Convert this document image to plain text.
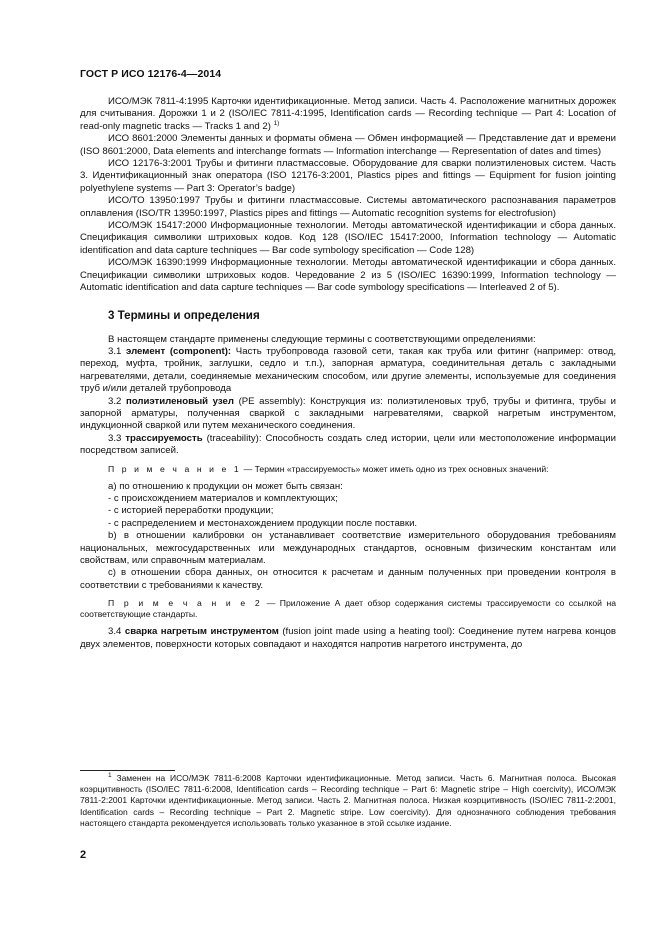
ГОСТ Р ИСО 12176-4—2014

ИСО/МЭК 7811-4:1995 Карточки идентификационные. Метод записи. Часть 4. Расположение магнитных дорожек для считывания. Дорожки 1 и 2 (ISO/IEC 7811-4:1995, Identification cards — Recording technique — Part 4: Location of read-only magnetic tracks — Tracks 1 and 2) $^{1)}$

ИСО 8601:2000 Элементы данных и форматы обмена — Обмен информацией — Представление дат и времени (ISO 8601:2000, Data elements and interchange formats — Information interchange — Representation of dates and times)

ИСО 12176-3:2001 Трубы и фитинги пластмассовые. Оборудование для сварки полиэтиленовых систем. Часть 3. Идентификационный знак оператора (ISO 12176-3:2001, Plastics pipes and fittings — Equipment for fusion jointing polyethylene systems — Part 3: Operator’s badge)

ИСО/ТО 13950:1997 Трубы и фитинги пластмассовые. Системы автоматического распознавания параметров оплавления (ISO/TR 13950:1997, Plastics pipes and fittings — Automatic recognition systems for electrofusion)

ИСО/МЭК 15417:2000 Информационные технологии. Методы автоматической идентификации и сбора данных. Спецификация символики штриховых кодов. Код 128 (ISO/IEC 15417:2000, Information technology — Automatic identification and data capture techniques — Bar code symbology specification — Code 128)

ИСО/МЭК 16390:1999 Информационные технологии. Методы автоматической идентификации и сбора данных. Спецификации символики штриховых кодов. Чередование 2 из 5 (ISO/IEC 16390:1999, Information technology — Automatic identification and data capture techniques — Bar code symbology specifications — Interleaved 2 of 5).

3 Термины и определения

В настоящем стандарте применены следующие термины с соответствующими определениями:

3.1 элемент (component): Часть трубопровода газовой сети, такая как труба или фитинг (например: отвод, переход, муфта, тройник, заглушки, седло и т.п.), запорная арматура, соединительная деталь с закладными нагревателями, детали, соединяемые механическим способом, или другие элементы, используемые для соединения труб и/или деталей трубопровода

3.2 полиэтиленовый узел (PE assembly): Конструкция из: полиэтиленовых труб, трубы и фитинга, трубы и запорной арматуры, полученная сваркой с закладными нагревателями, сваркой нагретым инструментом, индукционной сваркой или путем механического соединения.

3.3 трассируемость (traceability): Способность создать след истории, цели или местоположение информации посредством записей.

П р и м е ч а н и е 1 — Термин «трассируемость» может иметь одно из трех основных значений:

а) по отношению к продукции он может быть связан:

- с происхождением материалов и комплектующих;

- с историей переработки продукции;

- с распределением и местонахождением продукции после поставки.

b) в отношении калибровки он устанавливает соответствие измерительного оборудования требованиям национальных, межгосударственных или международных стандартов, основным физическим константам или свойствам, или справочным материалам.

с) в отношении сбора данных, он относится к расчетам и данным полученных при проведении контроля в соответствии с требованиями к качеству.

П р и м е ч а н и е 2 — Приложение А дает обзор содержания системы трассируемости со ссылкой на соответствующие стандарты.

3.4 сварка нагретым инструментом (fusion joint made using a heating tool): Соединение путем нагрева концов двух элементов, поверхности которых совпадают и находятся напротив нагретого инструмента, до

$^1$ Заменен на ИСО/МЭК 7811-6:2008 Карточки идентификационные. Метод записи. Часть 6. Магнитная полоса. Высокая коэрцитивность (ISO/IEC 7811-6:2008, Identification cards – Recording technique – Part 6: Magnetic stripe – High coercivity), ИСО/МЭК 7811-2:2001 Карточки идентификационные. Метод записи. Часть 2. Магнитная полоса. Низкая коэрцитивность (ISO/IEC 7811-2:2001, Identification cards – Recording technique – Part 2. Magnetic stripe. Low coercivity). Для однозначного соблюдения требования настоящего стандарта рекомендуется использовать только указанное в этой ссылке издание.

2
